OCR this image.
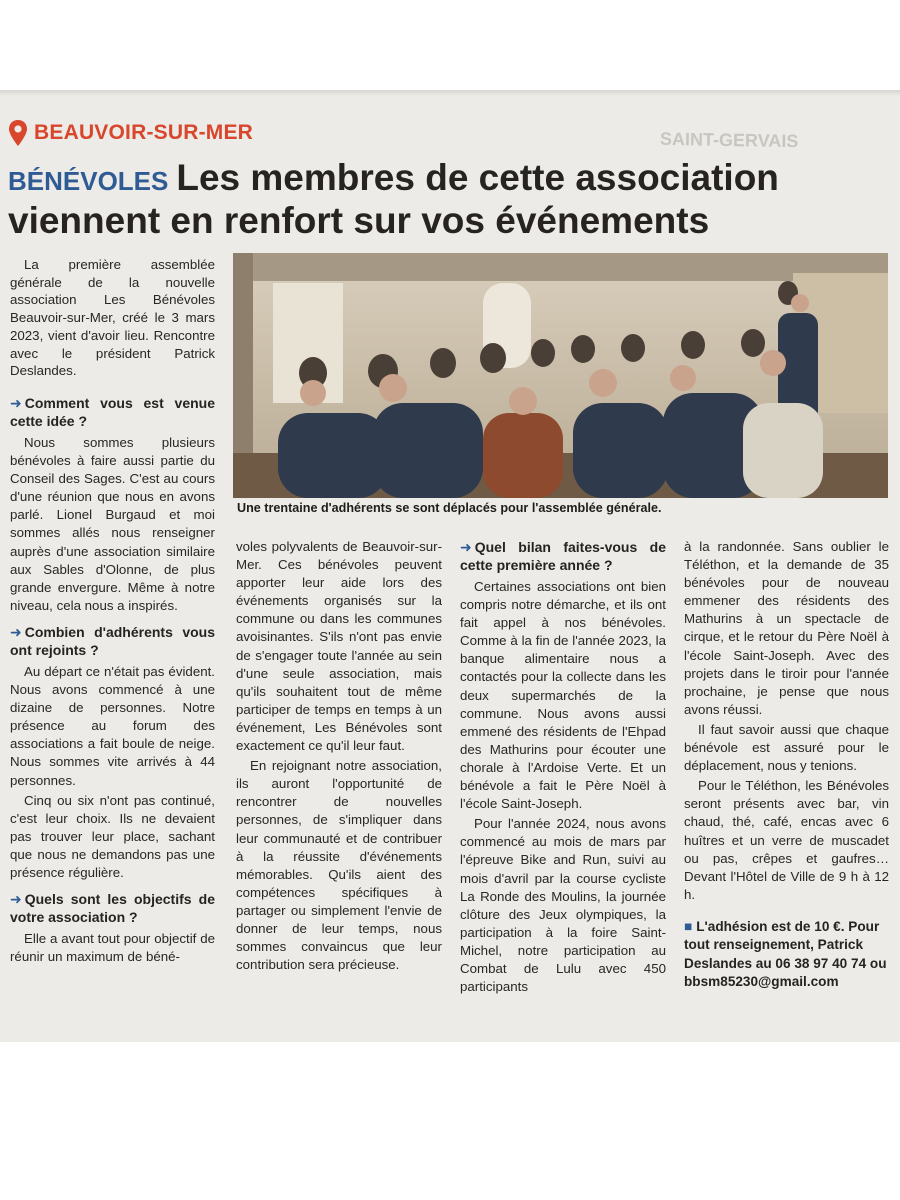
SAINT-GERVAIS
BEAUVOIR-SUR-MER
BÉNÉVOLES Les membres de cette association
viennent en renfort sur vos événements

La première assemblée générale de la nouvelle association Les Bénévoles Beauvoir-sur-Mer, créé le 3 mars 2023, vient d'avoir lieu. Rencontre avec le président Patrick Deslandes.

Une trentaine d'adhérents se sont déplacés pour l'assemblée générale.
➜ Comment vous est venue cette idée ?

Nous sommes plusieurs bénévoles à faire aussi partie du Conseil des Sages. C'est au cours d'une réunion que nous en avons parlé. Lionel Burgaud et moi sommes allés nous renseigner auprès d'une association similaire aux Sables d'Olonne, de plus grande envergure. Même à notre niveau, cela nous a inspirés.

➜ Combien d'adhérents vous ont rejoints ?

Au départ ce n'était pas évident. Nous avons commencé à une dizaine de personnes. Notre présence au forum des associations a fait boule de neige. Nous sommes vite arrivés à 44 personnes.

Cinq ou six n'ont pas continué, c'est leur choix. Ils ne devaient pas trouver leur place, sachant que nous ne demandons pas une présence régulière.

➜ Quels sont les objectifs de votre association ?

Elle a avant tout pour objectif de réunir un maximum de béné-

voles polyvalents de Beauvoir-sur-Mer. Ces bénévoles peuvent apporter leur aide lors des événements organisés sur la commune ou dans les communes avoisinantes. S'ils n'ont pas envie de s'engager toute l'année au sein d'une seule association, mais qu'ils souhaitent tout de même participer de temps en temps à un événement, Les Bénévoles sont exactement ce qu'il leur faut.

En rejoignant notre association, ils auront l'opportunité de rencontrer de nouvelles personnes, de s'impliquer dans leur communauté et de contribuer à la réussite d'événements mémorables. Qu'ils aient des compétences spécifiques à partager ou simplement l'envie de donner de leur temps, nous sommes convaincus que leur contribution sera précieuse.

➜ Quel bilan faites-vous de cette première année ?

Certaines associations ont bien compris notre démarche, et ils ont fait appel à nos bénévoles. Comme à la fin de l'année 2023, la banque alimentaire nous a contactés pour la collecte dans les deux supermarchés de la commune. Nous avons aussi emmené des résidents de l'Ehpad des Mathurins pour écouter une chorale à l'Ardoise Verte. Et un bénévole a fait le Père Noël à l'école Saint-Joseph.

Pour l'année 2024, nous avons commencé au mois de mars par l'épreuve Bike and Run, suivi au mois d'avril par la course cycliste La Ronde des Moulins, la journée clôture des Jeux olympiques, la participation à la foire Saint-Michel, notre participation au Combat de Lulu avec 450 participants

à la randonnée. Sans oublier le Téléthon, et la demande de 35 bénévoles pour de nouveau emmener des résidents des Mathurins à un spectacle de cirque, et le retour du Père Noël à l'école Saint-Joseph. Avec des projets dans le tiroir pour l'année prochaine, je pense que nous avons réussi.

Il faut savoir aussi que chaque bénévole est assuré pour le déplacement, nous y tenions.

Pour le Téléthon, les Bénévoles seront présents avec bar, vin chaud, thé, café, encas avec 6 huîtres et un verre de muscadet ou pas, crêpes et gaufres… Devant l'Hôtel de Ville de 9 h à 12 h.

■ L'adhésion est de 10 €. Pour tout renseignement, Patrick Deslandes au 06 38 97 40 74 ou bbsm85230@gmail.com
